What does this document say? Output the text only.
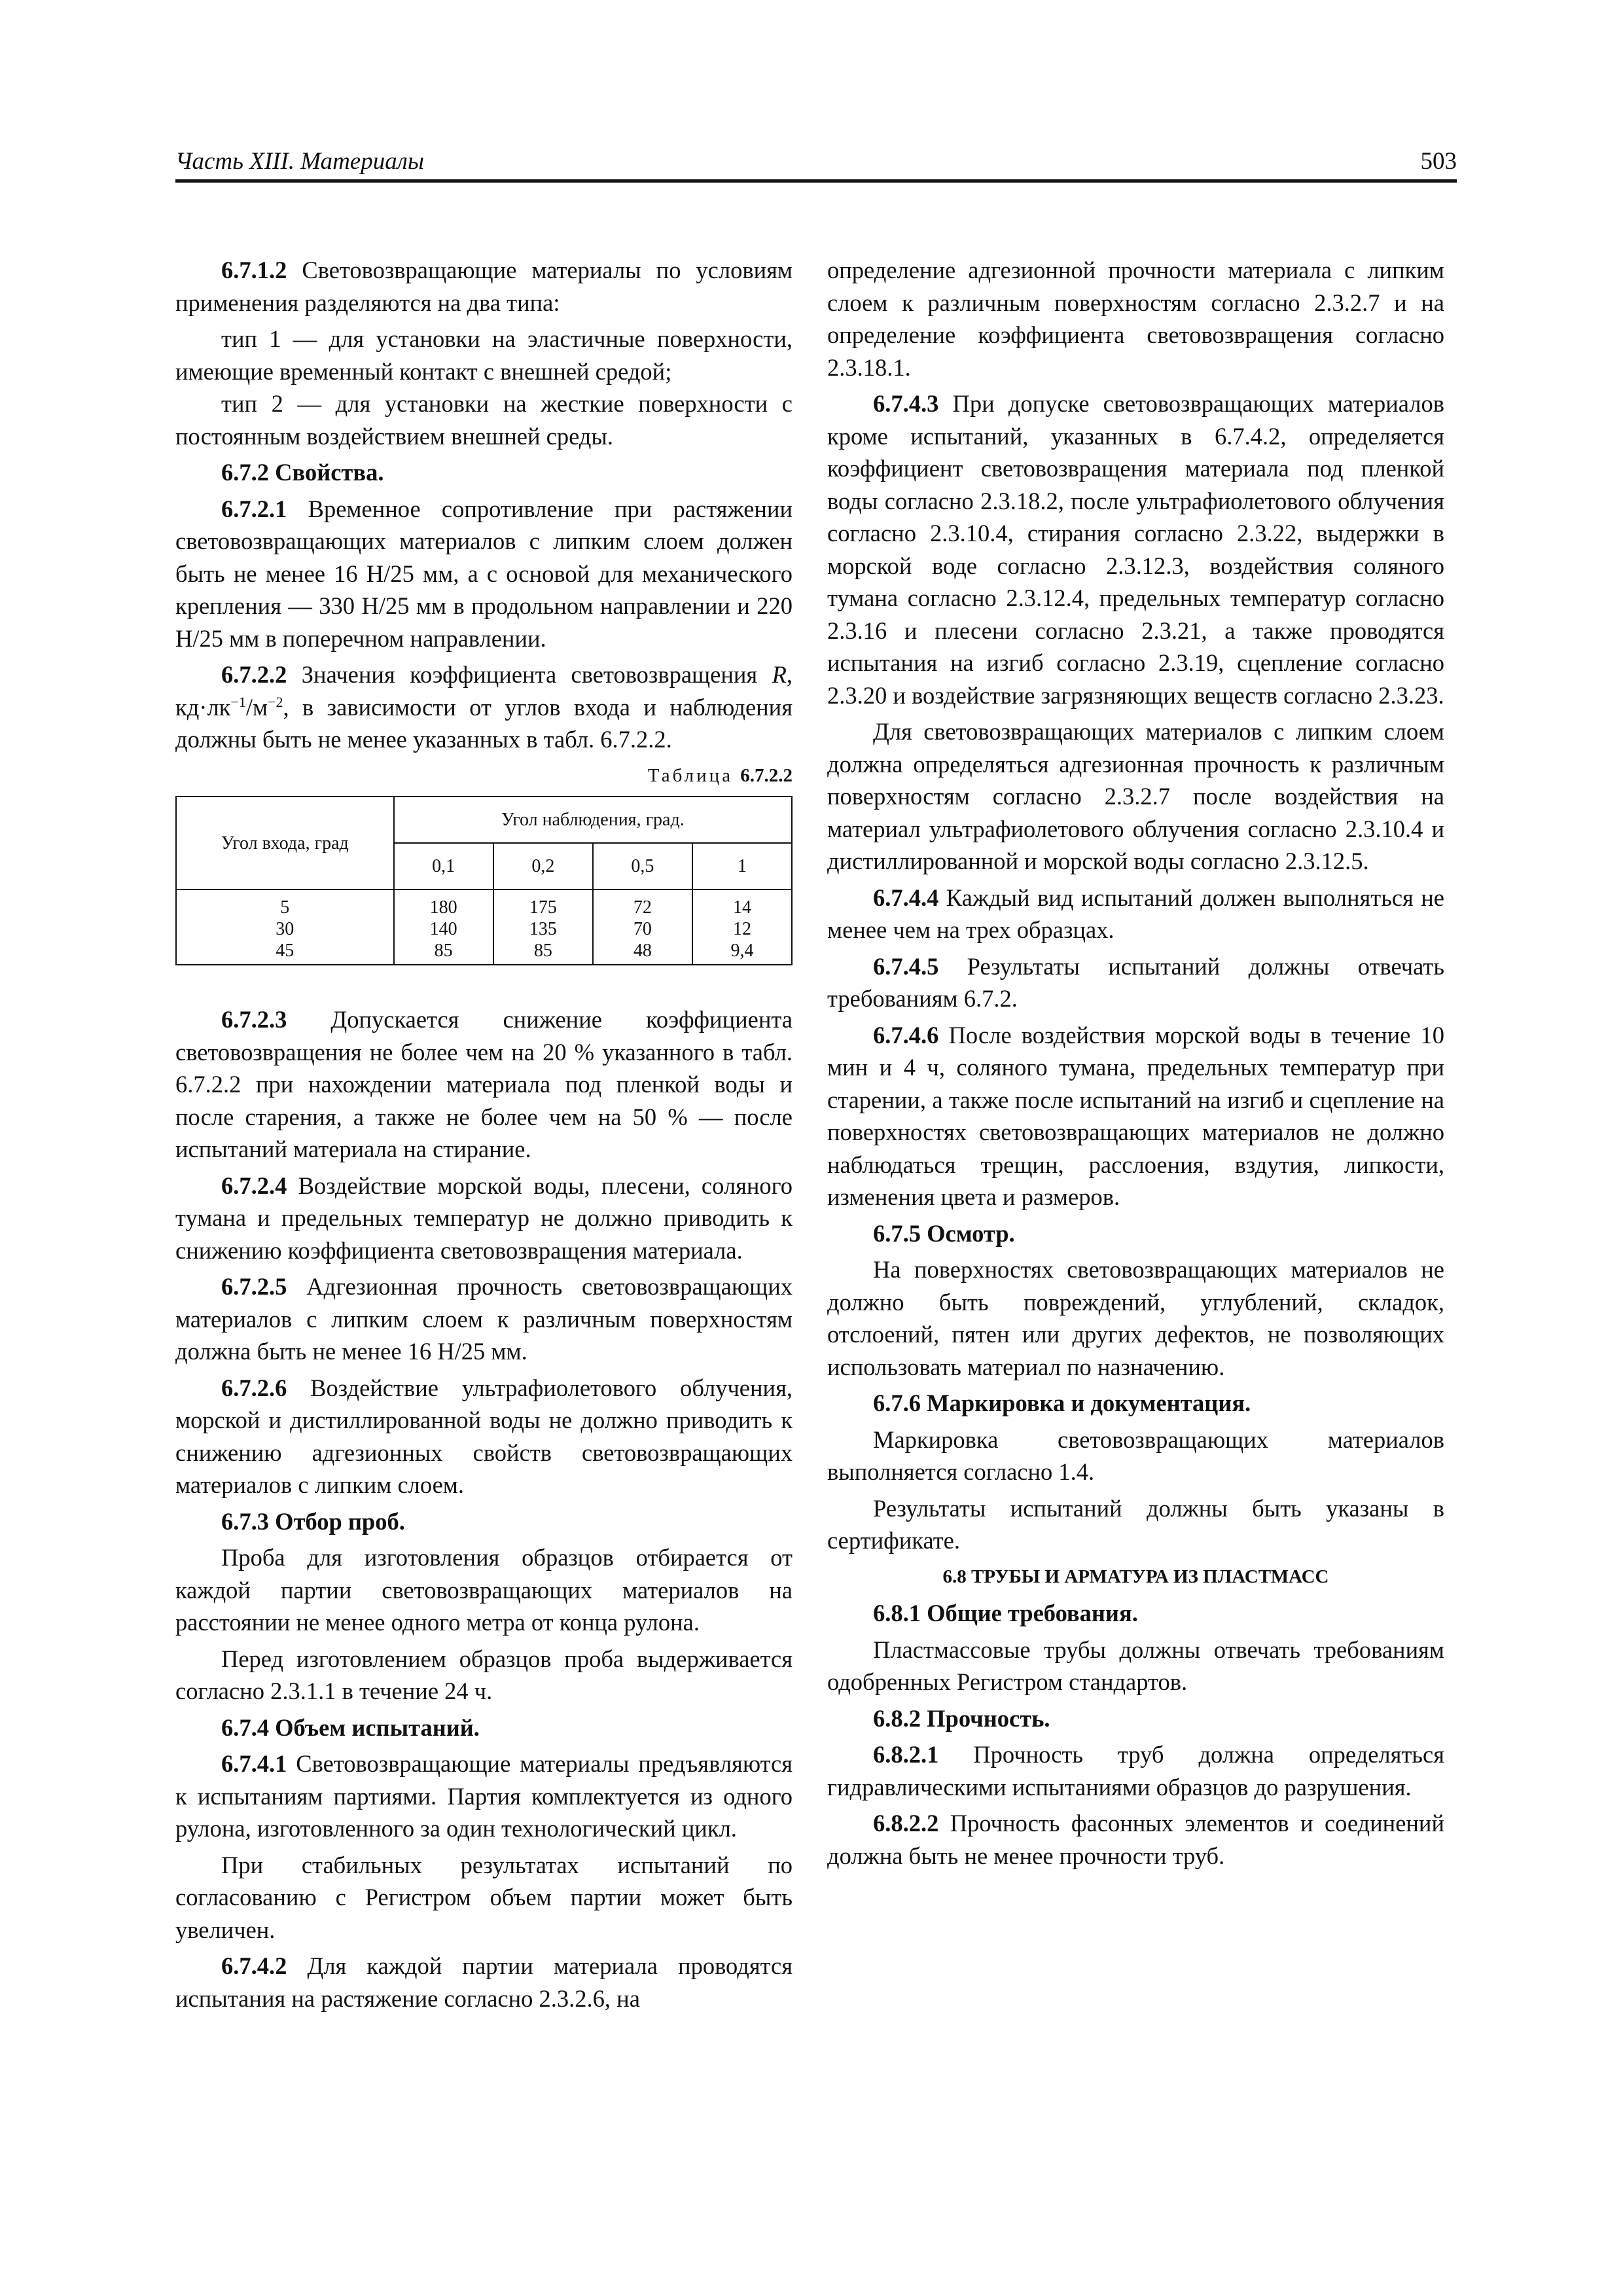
Часть XIII. Материалы	503

6.7.1.2 Световозвращающие материалы по условиям применения разделяются на два типа:

тип 1 — для установки на эластичные поверхности, имеющие временный контакт с внешней средой;

тип 2 — для установки на жесткие поверхности с постоянным воздействием внешней среды.

6.7.2 Свойства.

6.7.2.1 Временное сопротивление при растяжении световозвращающих материалов с липким слоем должен быть не менее 16 Н/25 мм, а с основой для механического крепления — 330 Н/25 мм в продольном направлении и 220 Н/25 мм в поперечном направлении.

6.7.2.2 Значения коэффициента световозвращения R, $кд\cdot лк^{-1}/м^{-2}$, в зависимости от углов входа и наблюдения должны быть не менее указанных в табл. 6.7.2.2.

Таблица 6.7.2.2

Угол входа, град	Угол наблюдения, град.			
	0,1	0,2	0,5	1
5	180	175	72	14
30	140	135	70	12
45	85	85	48	9,4

6.7.2.3 Допускается снижение коэффициента световозвращения не более чем на 20 % указанного в табл. 6.7.2.2 при нахождении материала под пленкой воды и после старения, а также не более чем на 50 % — после испытаний материала на стирание.

6.7.2.4 Воздействие морской воды, плесени, соляного тумана и предельных температур не должно приводить к снижению коэффициента световозвращения материала.

6.7.2.5 Адгезионная прочность световозвращающих материалов с липким слоем к различным поверхностям должна быть не менее 16 Н/25 мм.

6.7.2.6 Воздействие ультрафиолетового облучения, морской и дистиллированной воды не должно приводить к снижению адгезионных свойств световозвращающих материалов с липким слоем.

6.7.3 Отбор проб.

Проба для изготовления образцов отбирается от каждой партии световозвращающих материалов на расстоянии не менее одного метра от конца рулона.

Перед изготовлением образцов проба выдерживается согласно 2.3.1.1 в течение 24 ч.

6.7.4 Объем испытаний.

6.7.4.1 Световозвращающие материалы предъявляются к испытаниям партиями. Партия комплектуется из одного рулона, изготовленного за один технологический цикл.

При стабильных результатах испытаний по согласованию с Регистром объем партии может быть увеличен.

6.7.4.2 Для каждой партии материала проводятся испытания на растяжение согласно 2.3.2.6, на

определение адгезионной прочности материала с липким слоем к различным поверхностям согласно 2.3.2.7 и на определение коэффициента световозвращения согласно 2.3.18.1.

6.7.4.3 При допуске световозвращающих материалов кроме испытаний, указанных в 6.7.4.2, определяется коэффициент световозвращения материала под пленкой воды согласно 2.3.18.2, после ультрафиолетового облучения согласно 2.3.10.4, стирания согласно 2.3.22, выдержки в морской воде согласно 2.3.12.3, воздействия соляного тумана согласно 2.3.12.4, предельных температур согласно 2.3.16 и плесени согласно 2.3.21, а также проводятся испытания на изгиб согласно 2.3.19, сцепление согласно 2.3.20 и воздействие загрязняющих веществ согласно 2.3.23.

Для световозвращающих материалов с липким слоем должна определяться адгезионная прочность к различным поверхностям согласно 2.3.2.7 после воздействия на материал ультрафиолетового облучения согласно 2.3.10.4 и дистиллированной и морской воды согласно 2.3.12.5.

6.7.4.4 Каждый вид испытаний должен выполняться не менее чем на трех образцах.

6.7.4.5 Результаты испытаний должны отвечать требованиям 6.7.2.

6.7.4.6 После воздействия морской воды в течение 10 мин и 4 ч, соляного тумана, предельных температур при старении, а также после испытаний на изгиб и сцепление на поверхностях световозвращающих материалов не должно наблюдаться трещин, расслоения, вздутия, липкости, изменения цвета и размеров.

6.7.5 Осмотр.

На поверхностях световозвращающих материалов не должно быть повреждений, углублений, складок, отслоений, пятен или других дефектов, не позволяющих использовать материал по назначению.

6.7.6 Маркировка и документация.

Маркировка световозвращающих материалов выполняется согласно 1.4.

Результаты испытаний должны быть указаны в сертификате.

6.8 ТРУБЫ И АРМАТУРА ИЗ ПЛАСТМАСС

6.8.1 Общие требования.

Пластмассовые трубы должны отвечать требованиям одобренных Регистром стандартов.

6.8.2 Прочность.

6.8.2.1 Прочность труб должна определяться гидравлическими испытаниями образцов до разрушения.

6.8.2.2 Прочность фасонных элементов и соединений должна быть не менее прочности труб.
